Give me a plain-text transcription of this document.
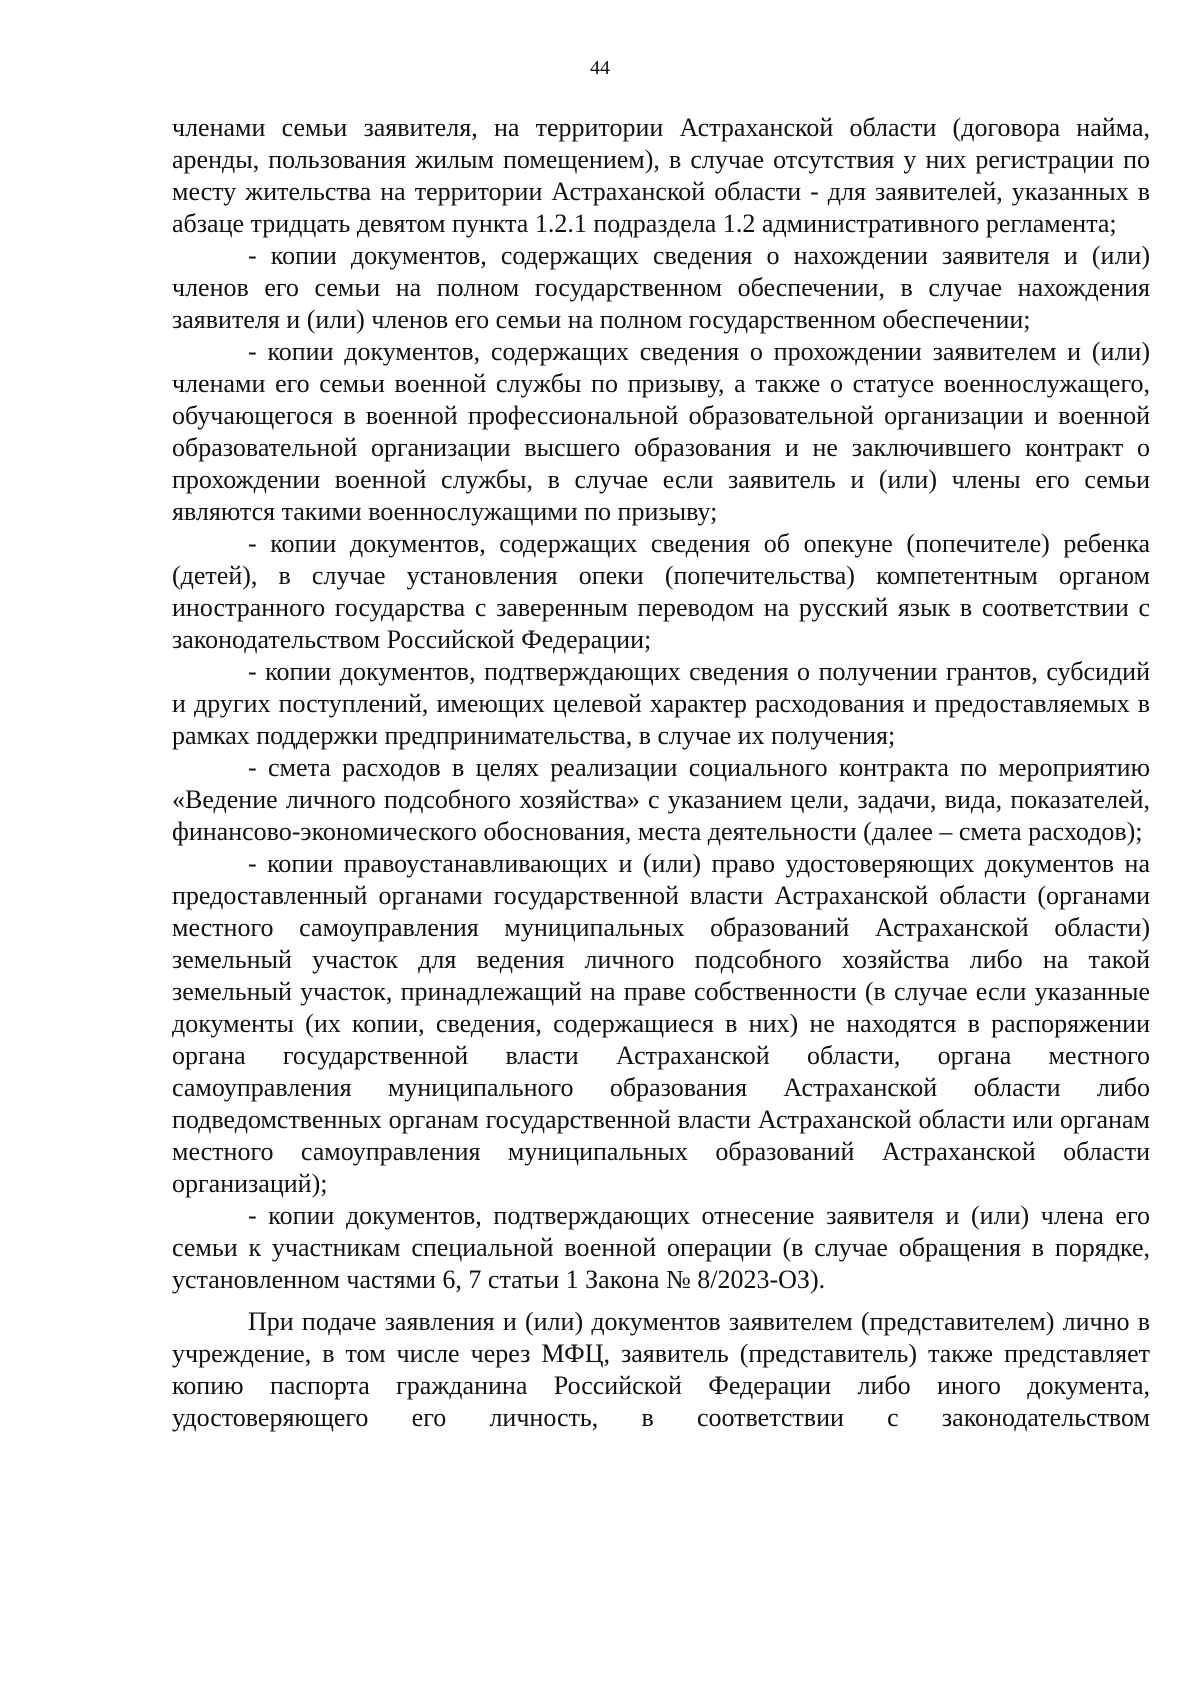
44

членами семьи заявителя, на территории Астраханской области (договора найма, аренды, пользования жилым помещением), в случае отсутствия у них регистрации по месту жительства на территории Астраханской области - для заявителей, указанных в абзаце тридцать девятом пункта 1.2.1 подраздела 1.2 административного регламента;

- копии документов, содержащих сведения о нахождении заявителя и (или) членов его семьи на полном государственном обеспечении, в случае нахождения заявителя и (или) членов его семьи на полном государственном обеспечении;

- копии документов, содержащих сведения о прохождении заявителем и (или) членами его семьи военной службы по призыву, а также о статусе военнослужащего, обучающегося в военной профессиональной образовательной организации и военной образовательной организации высшего образования и не заключившего контракт о прохождении военной службы, в случае если заявитель и (или) члены его семьи являются такими военнослужащими по призыву;

- копии документов, содержащих сведения об опекуне (попечителе) ребенка (детей), в случае установления опеки (попечительства) компетентным органом иностранного государства с заверенным переводом на русский язык в соответствии с законодательством Российской Федерации;

- копии документов, подтверждающих сведения о получении грантов, субсидий и других поступлений, имеющих целевой характер расходования и предоставляемых в рамках поддержки предпринимательства, в случае их получения;

- смета расходов в целях реализации социального контракта по мероприятию «Ведение личного подсобного хозяйства» с указанием цели, задачи, вида, показателей, финансово-экономического обоснования, места деятельности (далее – смета расходов);

- копии правоустанавливающих и (или) право удостоверяющих документов на предоставленный органами государственной власти Астраханской области (органами местного самоуправления муниципальных образований Астраханской области) земельный участок для ведения личного подсобного хозяйства либо на такой земельный участок, принадлежащий на праве собственности (в случае если указанные документы (их копии, сведения, содержащиеся в них) не находятся в распоряжении органа государственной власти Астраханской области, органа местного самоуправления муниципального образования Астраханской области либо подведомственных органам государственной власти Астраханской области или органам местного самоуправления муниципальных образований Астраханской области организаций);

- копии документов, подтверждающих отнесение заявителя и (или) члена его семьи к участникам специальной военной операции (в случае обращения в порядке, установленном частями 6, 7 статьи 1 Закона № 8/2023-ОЗ).

При подаче заявления и (или) документов заявителем (представителем) лично в учреждение, в том числе через МФЦ, заявитель (представитель) также представляет копию паспорта гражданина Российской Федерации либо иного документа, удостоверяющего его личность, в соответствии с законодательством
